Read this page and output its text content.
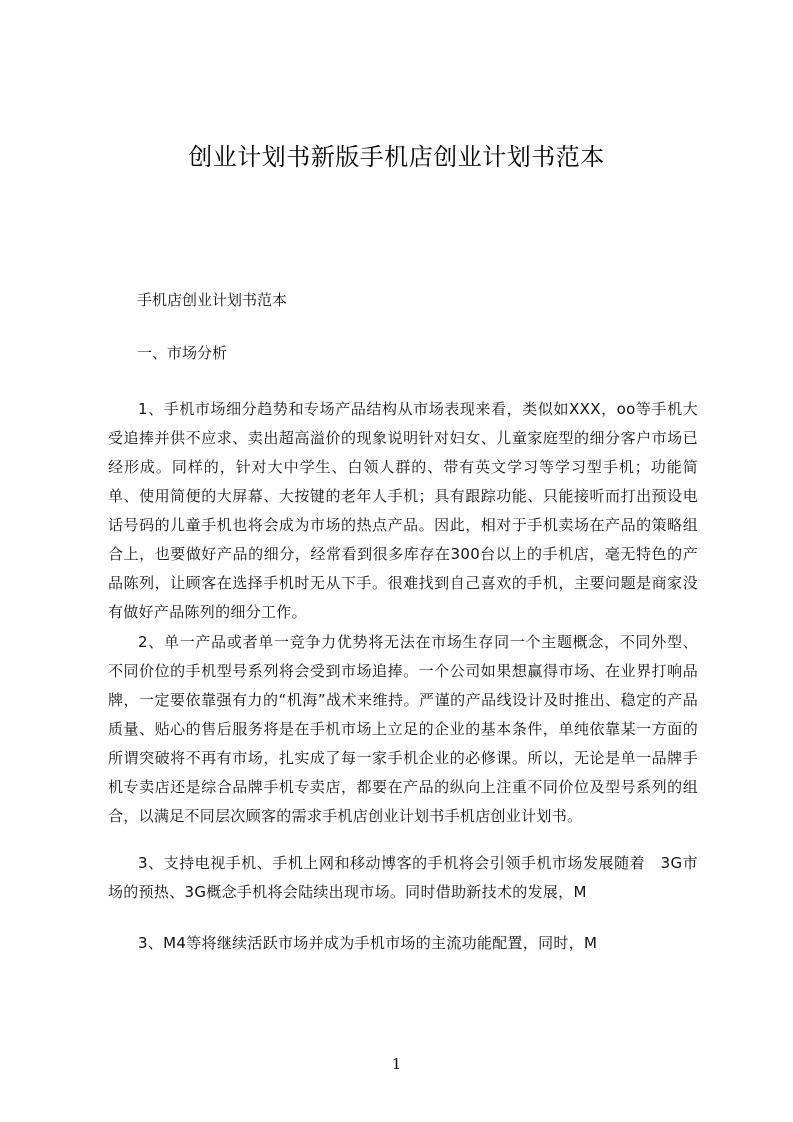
创业计划书新版手机店创业计划书范本
手机店创业计划书范本
一、市场分析

1、手机市场细分趋势和专场产品结构从市场表现来看，类似如XXX，oo等手机大受追捧并供不应求、卖出超高溢价的现象说明针对妇女、儿童家庭型的细分客户市场已经形成。同样的，针对大中学生、白领人群的、带有英文学习等学习型手机；功能简单、使用简便的大屏幕、大按键的老年人手机；具有跟踪功能、只能接听而打出预设电话号码的儿童手机也将会成为市场的热点产品。因此，相对于手机卖场在产品的策略组合上，也要做好产品的细分，经常看到很多库存在300台以上的手机店，毫无特色的产品陈列，让顾客在选择手机时无从下手。很难找到自己喜欢的手机，主要问题是商家没有做好产品陈列的细分工作。

2、单一产品或者单一竞争力优势将无法在市场生存同一个主题概念，不同外型、不同价位的手机型号系列将会受到市场追捧。一个公司如果想赢得市场、在业界打响品牌，一定要依靠强有力的“机海”战术来维持。严谨的产品线设计及时推出、稳定的产品质量、贴心的售后服务将是在手机市场上立足的企业的基本条件，单纯依靠某一方面的所谓突破将不再有市场，扎实成了每一家手机企业的必修课。所以，无论是单一品牌手机专卖店还是综合品牌手机专卖店，都要在产品的纵向上注重不同价位及型号系列的组合，以满足不同层次顾客的需求手机店创业计划书手机店创业计划书。

3、支持电视手机、手机上网和移动博客的手机将会引领手机市场发展随着　3G市场的预热、3G概念手机将会陆续出现市场。同时借助新技术的发展，M

3、M4等将继续活跃市场并成为手机市场的主流功能配置，同时，M

1
